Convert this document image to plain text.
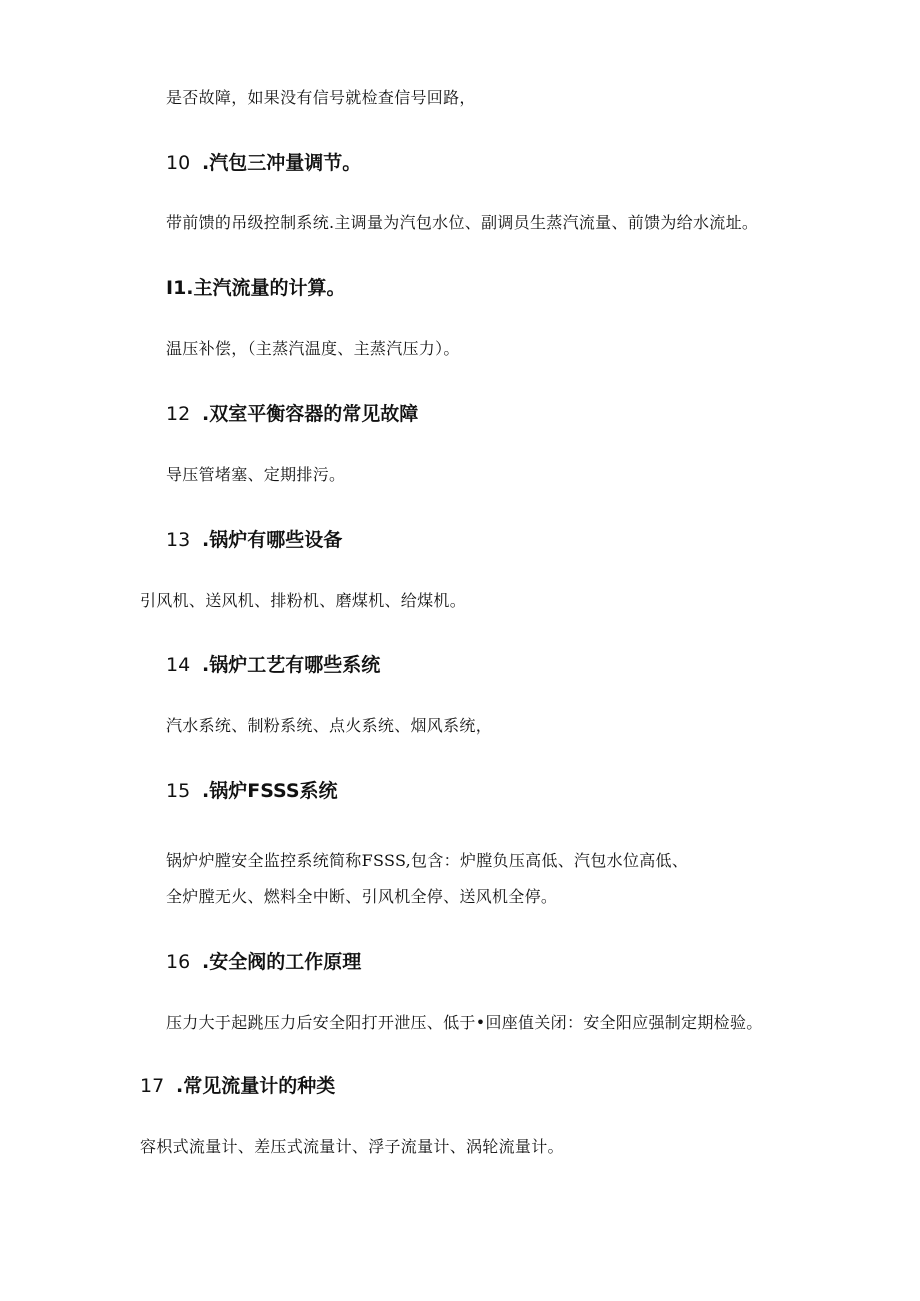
是否故障，如果没有信号就检查信号回路，
10 .汽包三冲量调节。
带前馈的吊级控制系统.主调量为汽包水位、副调员生蒸汽流量、前馈为给水流址。
I1.主汽流量的计算。
温压补偿，（主蒸汽温度、主蒸汽压力）。
12 .双室平衡容器的常见故障
导压管堵塞、定期排污。
13 .锅炉有哪些设备
引风机、送风机、排粉机、磨煤机、给煤机。
14 .锅炉工艺有哪些系统
汽水系统、制粉系统、点火系统、烟风系统，
15 .锅炉FSSS系统
锅炉炉膛安全监控系统简称FSSS,包含：炉膛负压高低、汽包水位高低、
全炉膛无火、燃料全中断、引风机全停、送风机全停。
16 .安全阀的工作原理
压力大于起跳压力后安全阳打开泄压、低于•回座值关闭：安全阳应强制定期检验。
17 .常见流量计的种类
容枳式流量计、差压式流量计、浮子流量计、涡轮流量计。
